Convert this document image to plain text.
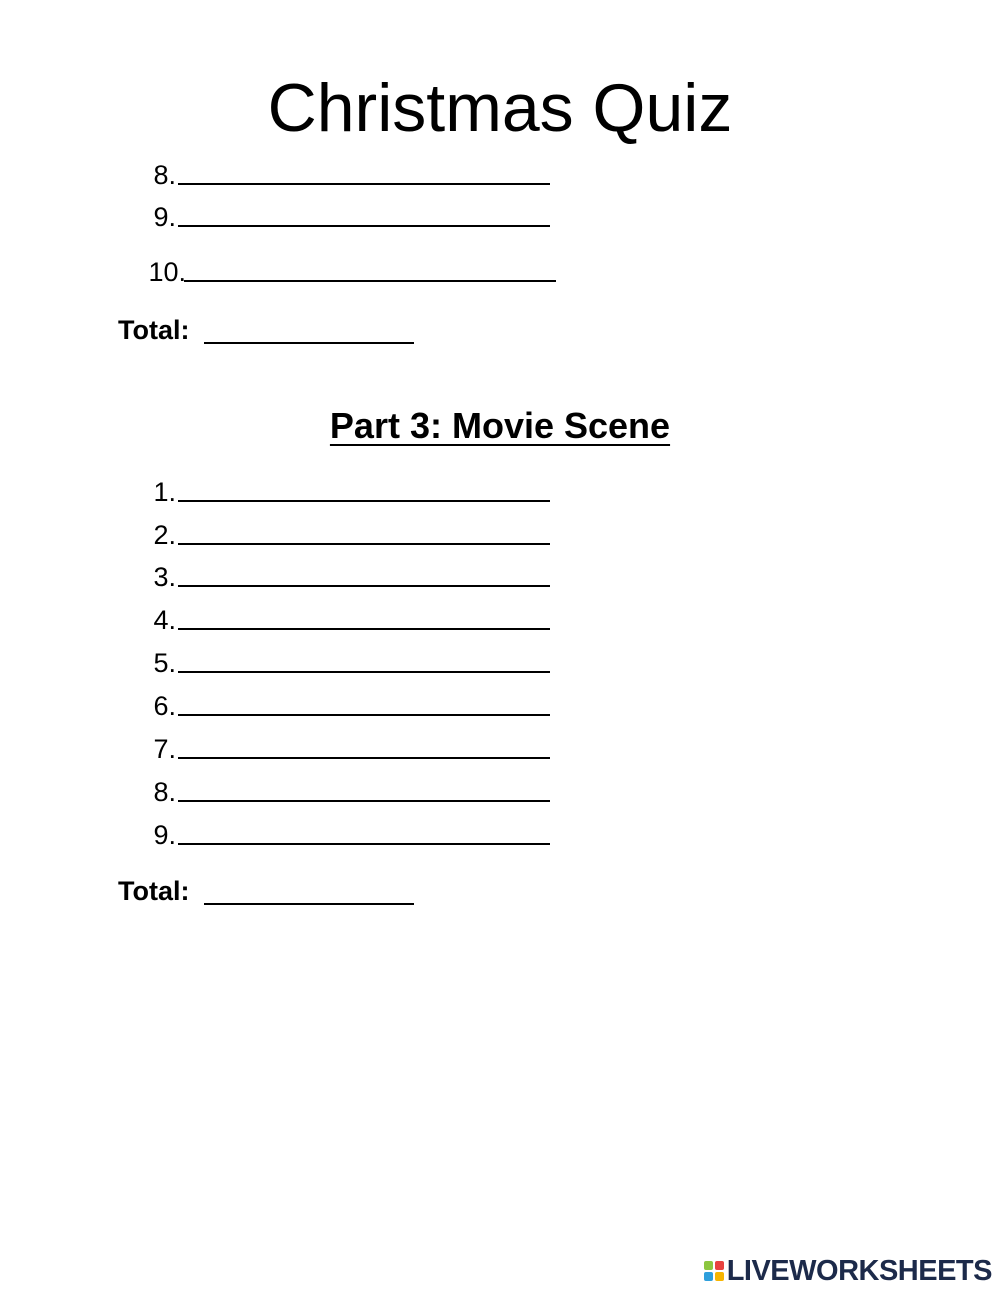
Christmas Quiz
8.
9.
10.
Total:
Part 3: Movie Scene
1.
2.
3.
4.
5.
6.
7.
8.
9.
Total:
LIVEWORKSHEETS
